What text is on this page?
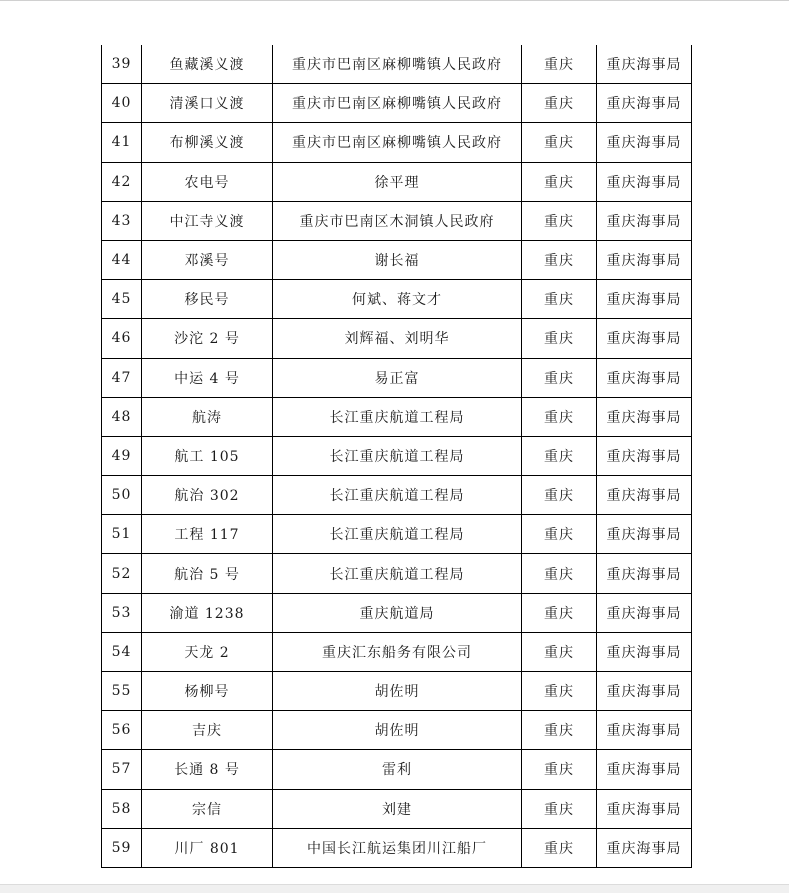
39	鱼藏溪义渡	重庆市巴南区麻柳嘴镇人民政府	重庆	重庆海事局
40	清溪口义渡	重庆市巴南区麻柳嘴镇人民政府	重庆	重庆海事局
41	布柳溪义渡	重庆市巴南区麻柳嘴镇人民政府	重庆	重庆海事局
42	农电号	徐平理	重庆	重庆海事局
43	中江寺义渡	重庆市巴南区木洞镇人民政府	重庆	重庆海事局
44	邓溪号	谢长福	重庆	重庆海事局
45	移民号	何斌、蒋文才	重庆	重庆海事局
46	沙沱 2 号	刘辉福、刘明华	重庆	重庆海事局
47	中运 4 号	易正富	重庆	重庆海事局
48	航涛	长江重庆航道工程局	重庆	重庆海事局
49	航工 105	长江重庆航道工程局	重庆	重庆海事局
50	航治 302	长江重庆航道工程局	重庆	重庆海事局
51	工程 117	长江重庆航道工程局	重庆	重庆海事局
52	航治 5 号	长江重庆航道工程局	重庆	重庆海事局
53	渝道 1238	重庆航道局	重庆	重庆海事局
54	天龙 2	重庆汇东船务有限公司	重庆	重庆海事局
55	杨柳号	胡佐明	重庆	重庆海事局
56	吉庆	胡佐明	重庆	重庆海事局
57	长通 8 号	雷利	重庆	重庆海事局
58	宗信	刘建	重庆	重庆海事局
59	川厂 801	中国长江航运集团川江船厂	重庆	重庆海事局
